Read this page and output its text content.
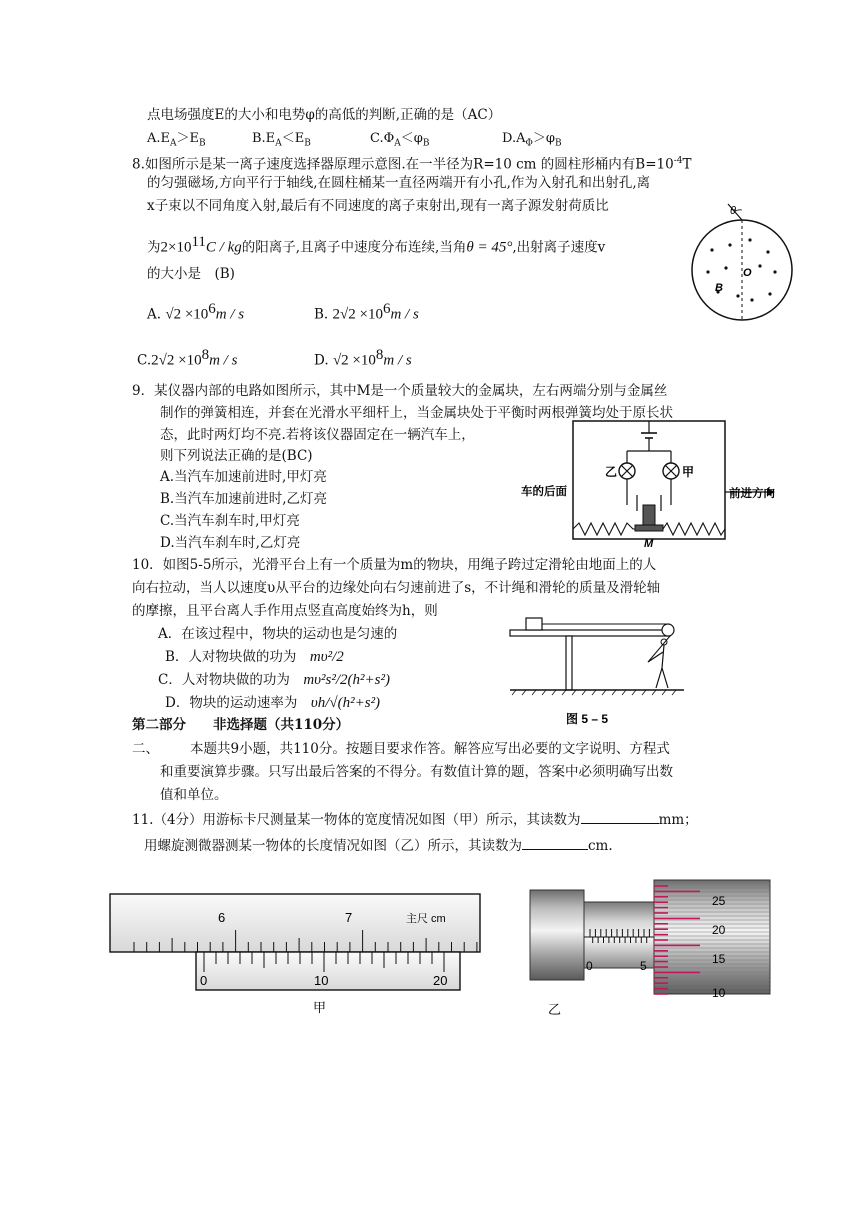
点电场强度E的大小和电势φ的高低的判断,正确的是（AC）
$A.E_A>E_B$	$B.E_A<E_B$	$C.\Phi_A<\varphi_B$	$D.A_\Phi>\varphi_B$
8.如图所示是某一离子速度选择器原理示意图.在一半径为R=10 cm 的圆柱形桶内有$B=10^{-4}T$
的匀强磁场,方向平行于轴线,在圆柱桶某一直径两端开有小孔,作为入射孔和出射孔,离
x子束以不同角度入射,最后有不同速度的离子束射出,现有一离子源发射荷质比
为$2\times 10^{11}C$ / kg的阳离子,且离子中速度分布连续,当角θ = 45°,出射离子速度v
的大小是　(B)
A. $√2 \times 10^6m / s$	B. $2√2 \times 10^6m / s$
$C.2√2 \times 10^8m / s$	D. $√2 \times 10^8m / s$
θ
O
B
9．某仪器内部的电路如图所示，其中M是一个质量较大的金属块，左右两端分别与金属丝
制作的弹簧相连，并套在光滑水平细杆上，当金属块处于平衡时两根弹簧均处于原长状
态，此时两灯均不亮.若将该仪器固定在一辆汽车上，
则下列说法正确的是(BC)
A.当汽车加速前进时,甲灯亮
B.当汽车加速前进时,乙灯亮
C.当汽车刹车时,甲灯亮
D.当汽车刹车时,乙灯亮
乙	甲
M
车的后面	前进方向
10．如图5-5所示，光滑平台上有一个质量为m的物块，用绳子跨过定滑轮由地面上的人
向右拉动，当人以速度υ从平台的边缘处向右匀速前进了s，不计绳和滑轮的质量及滑轮轴
的摩擦，且平台离人手作用点竖直高度始终为h，则
A．在该过程中，物块的运动也是匀速的
B．人对物块做的功为　 mυ²/2
C．人对物块做的功为　 mυ²s²/2(h²+s²)
D．物块的运动速率为　 υh/√(h²+s²)
图 5 – 5
第二部分　　非选择题（共110分）
二、 本题共9小题，共110分。按题目要求作答。解答应写出必要的文字说明、方程式
和重要演算步骤。只写出最后答案的不得分。有数值计算的题，答案中必须明确写出数
值和单位。
11.（4分）用游标卡尺测量某一物体的宽度情况如图（甲）所示，其读数为	mm；
用螺旋测微器测某一物体的长度情况如图（乙）所示，其读数为	cm.
6	7	主尺 cm
0	10	20
甲
0	5
25
20
15
10
乙
